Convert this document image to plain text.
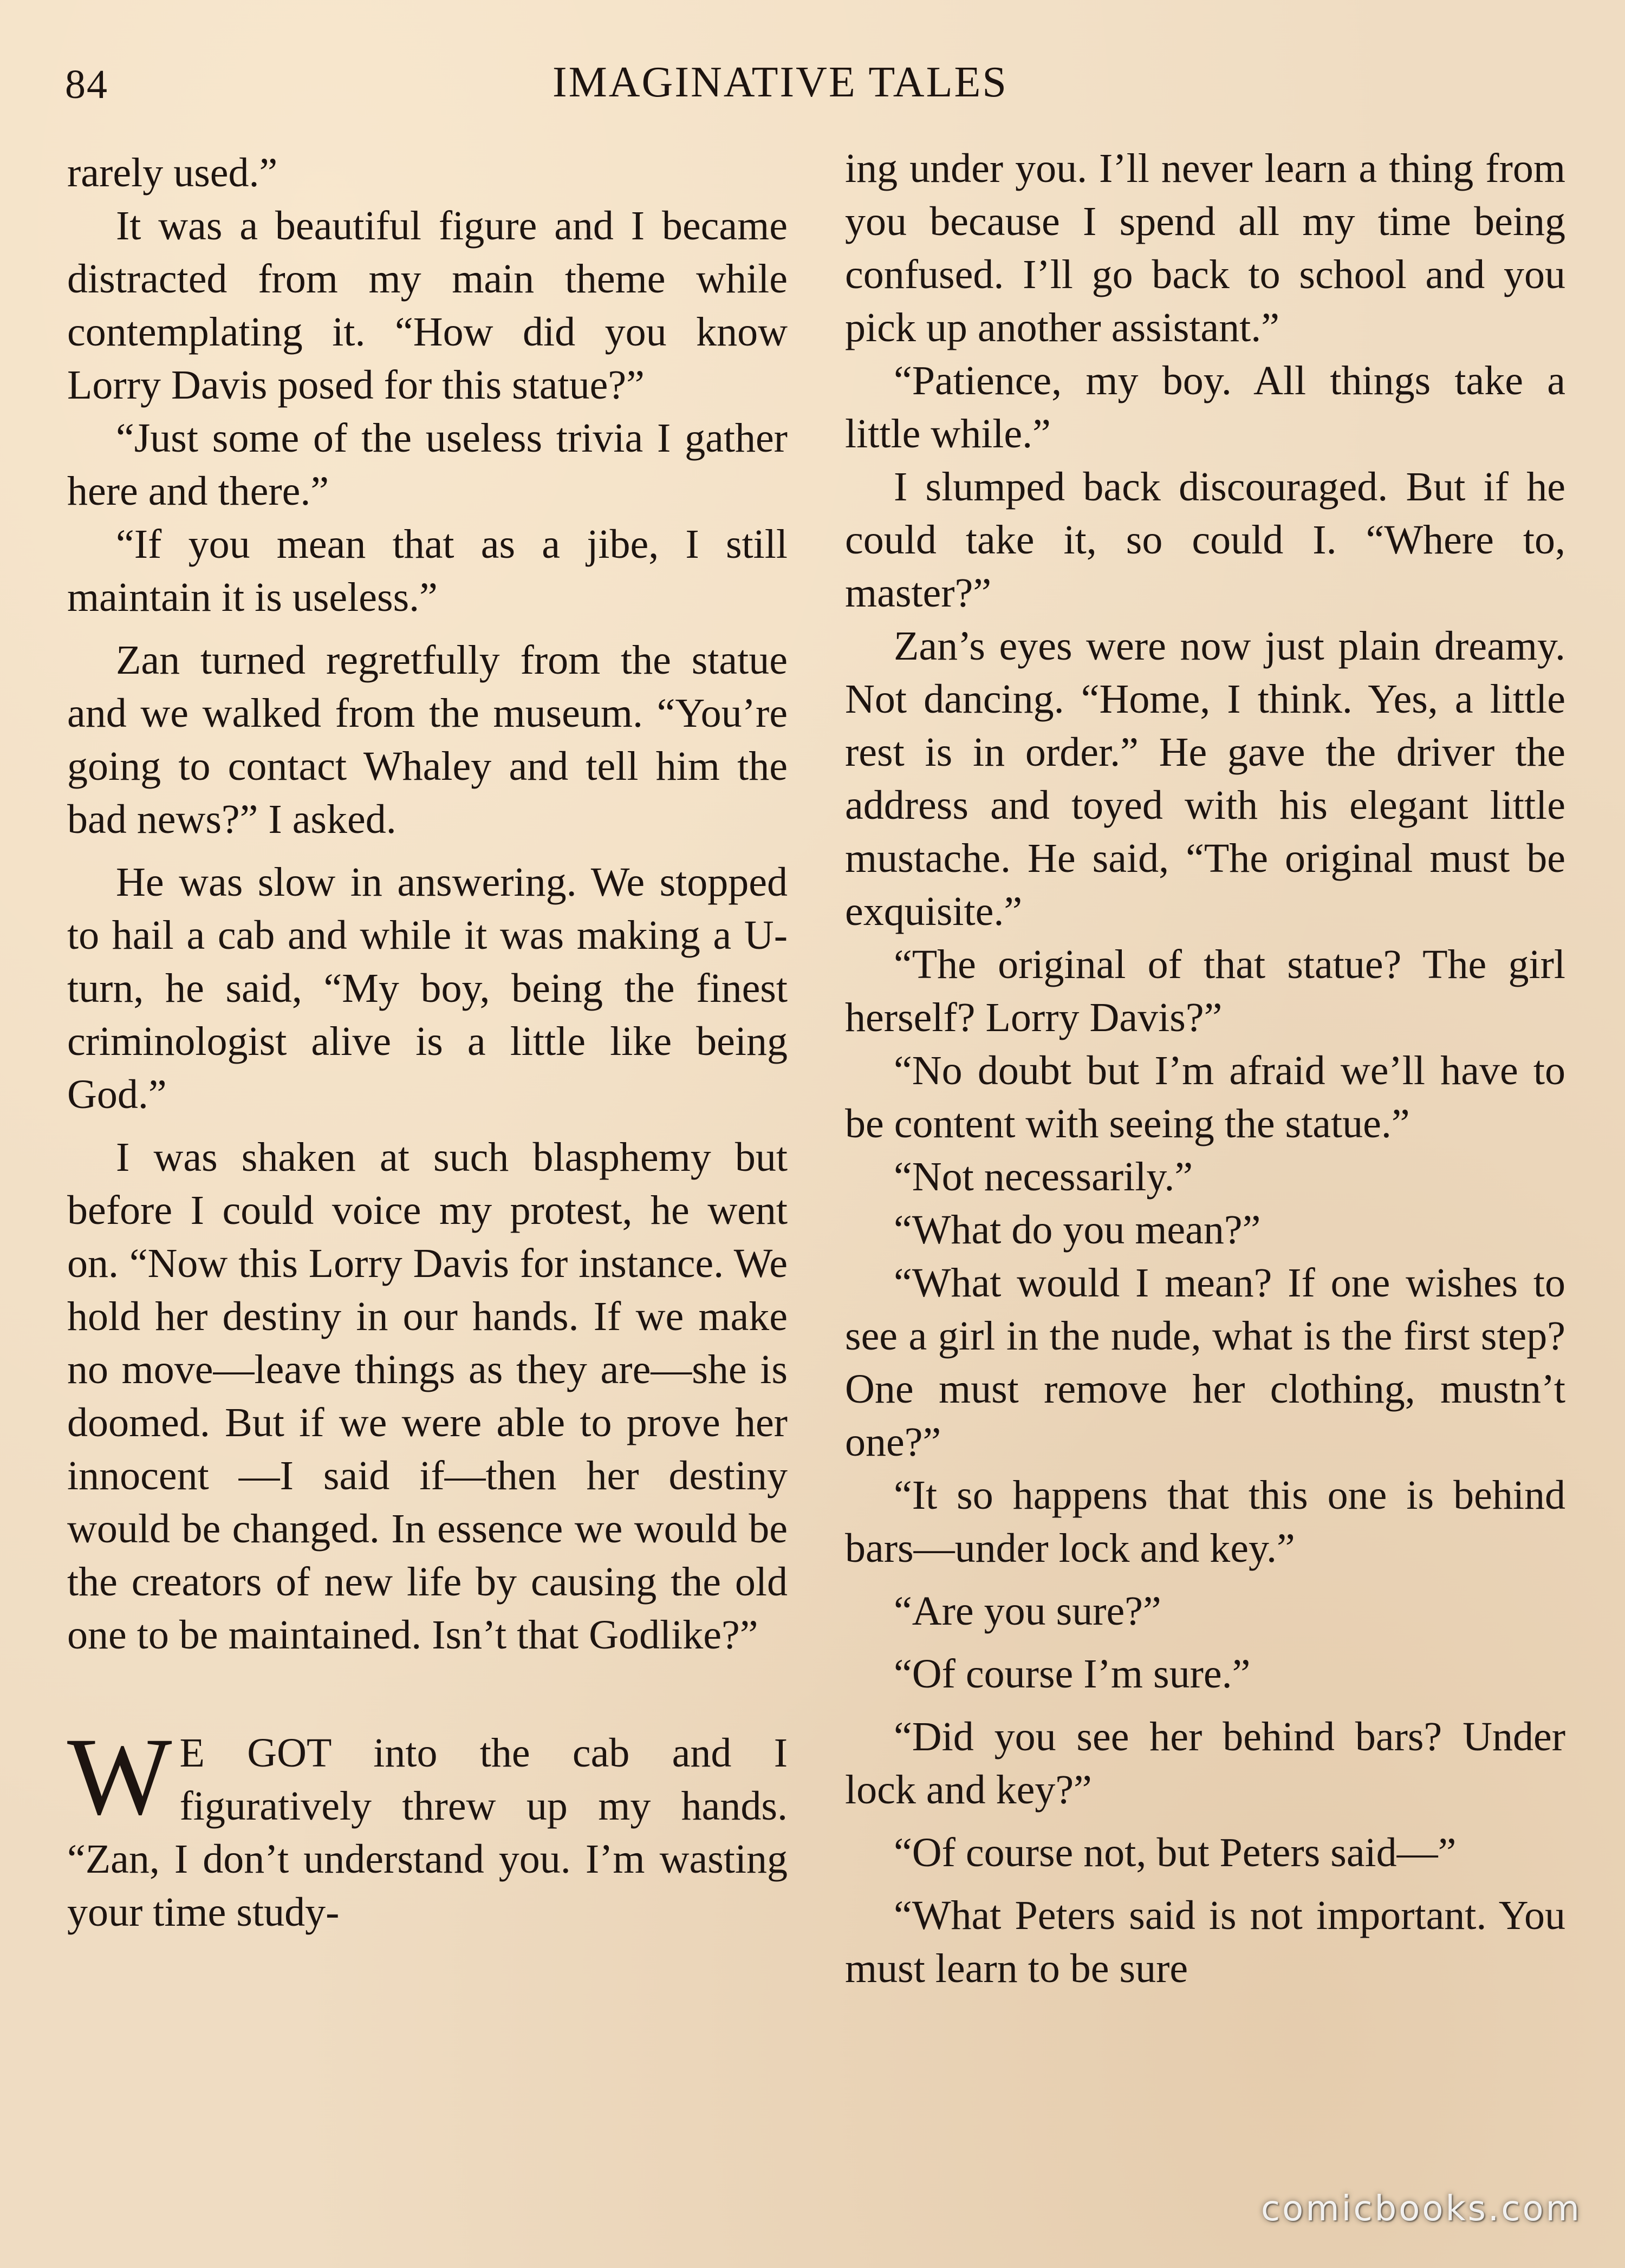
84	IMAGINATIVE TALES

rarely used.”

It was a beautiful figure and I became distracted from my main theme while contemplating it. “How did you know Lorry Davis posed for this statue?”

“Just some of the useless trivia I gather here and there.”

“If you mean that as a jibe, I still maintain it is useless.”

Zan turned regretfully from the statue and we walked from the museum. “You’re going to contact Whaley and tell him the bad news?” I asked.

He was slow in answering. We stopped to hail a cab and while it was making a U-turn, he said, “My boy, being the finest criminologist alive is a little like being God.”

I was shaken at such blasphemy but before I could voice my protest, he went on. “Now this Lorry Davis for instance. We hold her destiny in our hands. If we make no move—leave things as they are—she is doomed. But if we were able to prove her innocent —I said if—then her destiny would be changed. In essence we would be the creators of new life by causing the old one to be maintained. Isn’t that Godlike?”

W E GOT into the cab and I figuratively threw up my hands. “Zan, I don’t understand you. I’m wasting your time study-

ing under you. I’ll never learn a thing from you because I spend all my time being confused. I’ll go back to school and you pick up another assistant.”

“Patience, my boy. All things take a little while.”

I slumped back discouraged. But if he could take it, so could I. “Where to, master?”

Zan’s eyes were now just plain dreamy. Not dancing. “Home, I think. Yes, a little rest is in order.” He gave the driver the address and toyed with his elegant little mustache. He said, “The original must be exquisite.”

“The original of that statue? The girl herself? Lorry Davis?”

“No doubt but I’m afraid we’ll have to be content with seeing the statue.”

“Not necessarily.”

“What do you mean?”

“What would I mean? If one wishes to see a girl in the nude, what is the first step? One must remove her clothing, mustn’t one?”

“It so happens that this one is behind bars—under lock and key.”

“Are you sure?”

“Of course I’m sure.”

“Did you see her behind bars? Under lock and key?”

“Of course not, but Peters said—”

“What Peters said is not important. You must learn to be sure

comicbooks.com
